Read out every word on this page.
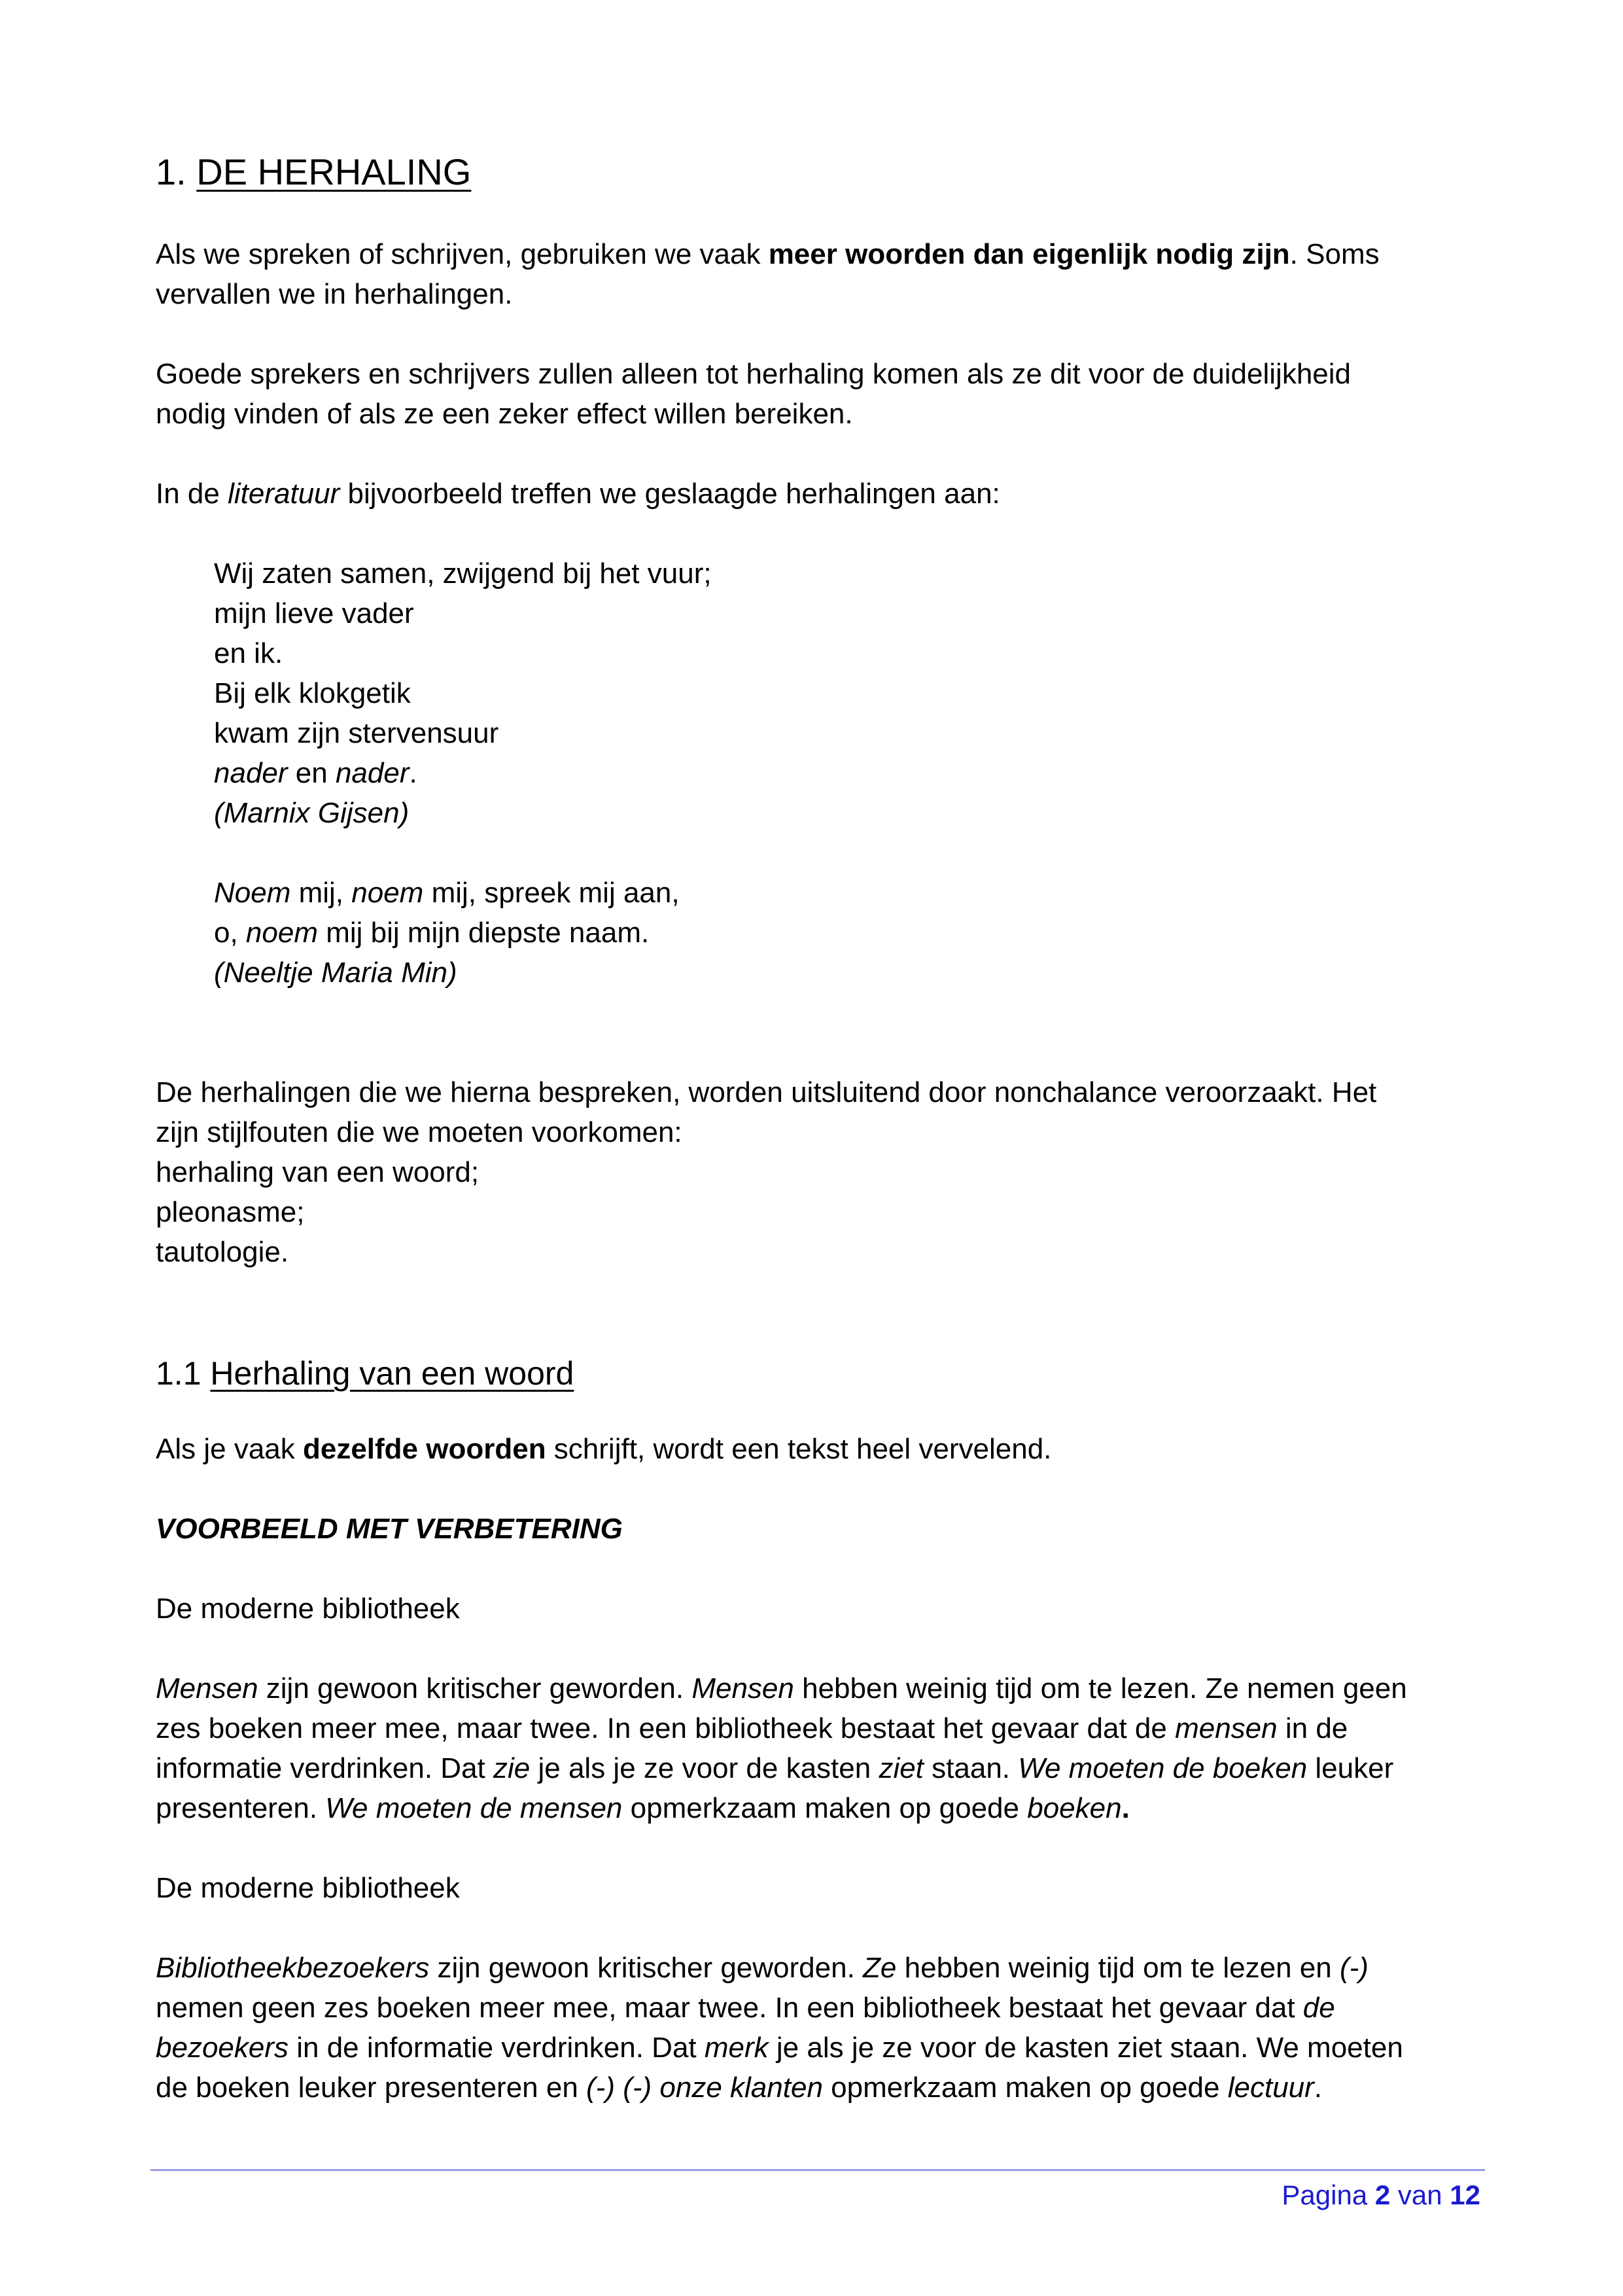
1. DE HERHALING

Als we spreken of schrijven, gebruiken we vaak meer woorden dan eigenlijk nodig zijn. Soms
vervallen we in herhalingen.

Goede sprekers en schrijvers zullen alleen tot herhaling komen als ze dit voor de duidelijkheid
nodig vinden of als ze een zeker effect willen bereiken.

In de literatuur bijvoorbeeld treffen we geslaagde herhalingen aan:

Wij zaten samen, zwijgend bij het vuur;
mijn lieve vader
en ik.
Bij elk klokgetik
kwam zijn stervensuur
nader en nader.
(Marnix Gijsen)
Noem mij, noem mij, spreek mij aan,
o, noem mij bij mijn diepste naam.
(Neeltje Maria Min)
De herhalingen die we hierna bespreken, worden uitsluitend door nonchalance veroorzaakt. Het
zijn stijlfouten die we moeten voorkomen:
herhaling van een woord;
pleonasme;
tautologie.
1.1 Herhaling van een woord

Als je vaak dezelfde woorden schrijft, wordt een tekst heel vervelend.

VOORBEELD MET VERBETERING

De moderne bibliotheek

Mensen zijn gewoon kritischer geworden. Mensen hebben weinig tijd om te lezen. Ze nemen geen
zes boeken meer mee, maar twee. In een bibliotheek bestaat het gevaar dat de mensen in de
informatie verdrinken. Dat zie je als je ze voor de kasten ziet staan. We moeten de boeken leuker
presenteren. We moeten de mensen opmerkzaam maken op goede boeken.

De moderne bibliotheek

Bibliotheekbezoekers zijn gewoon kritischer geworden. Ze hebben weinig tijd om te lezen en (-)
nemen geen zes boeken meer mee, maar twee. In een bibliotheek bestaat het gevaar dat de
bezoekers in de informatie verdrinken. Dat merk je als je ze voor de kasten ziet staan. We moeten
de boeken leuker presenteren en (-) (-) onze klanten opmerkzaam maken op goede lectuur.

Pagina 2 van 12
